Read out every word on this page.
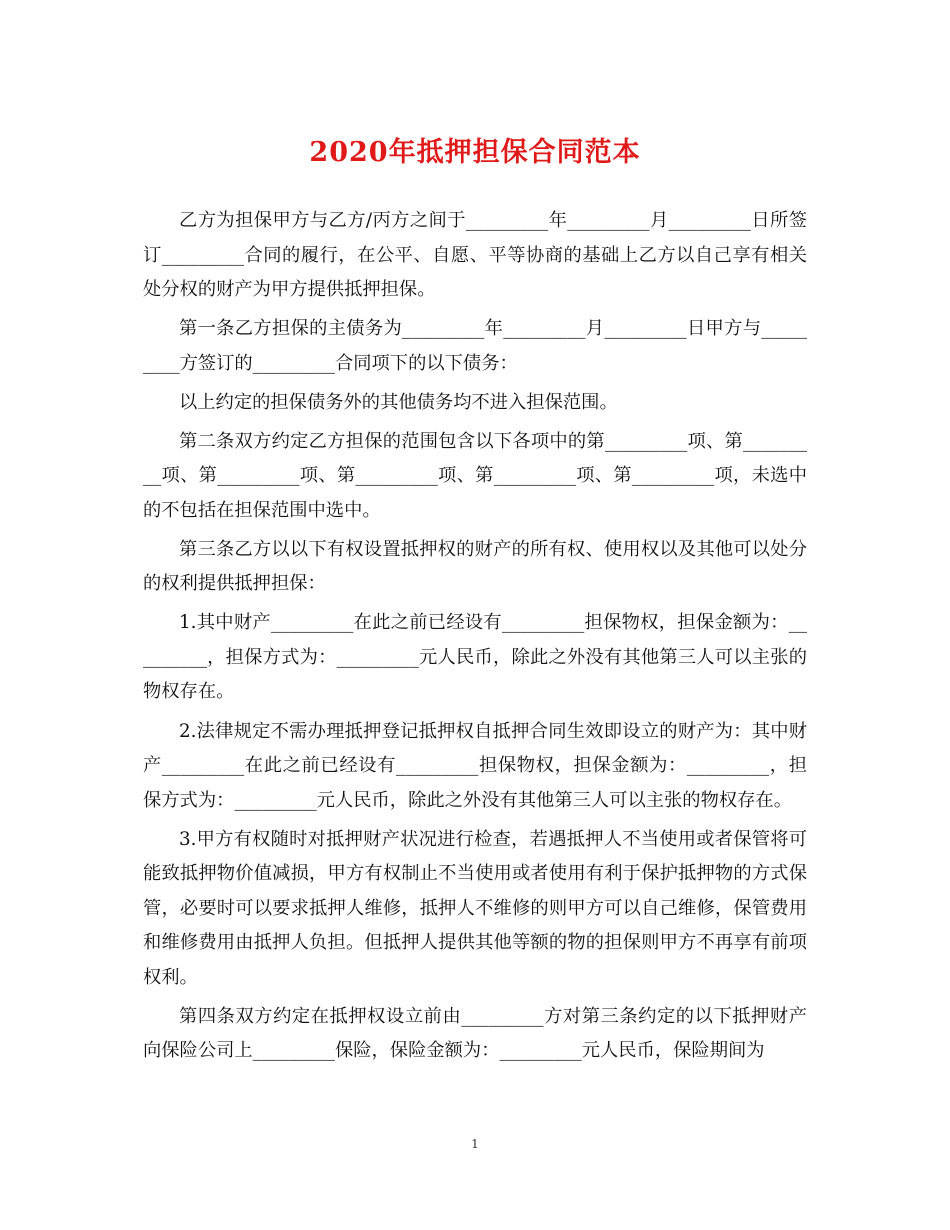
2020年抵押担保合同范本

乙方为担保甲方与乙方/丙方之间于_________年_________月_________日所签订_________合同的履行，在公平、自愿、平等协商的基础上乙方以自己享有相关处分权的财产为甲方提供抵押担保。

第一条乙方担保的主债务为_________年_________月_________日甲方与_________方签订的_________合同项下的以下债务：

以上约定的担保债务外的其他债务均不进入担保范围。

第二条双方约定乙方担保的范围包含以下各项中的第_________项、第_________项、第_________项、第_________项、第_________项、第_________项，未选中的不包括在担保范围中选中。

第三条乙方以以下有权设置抵押权的财产的所有权、使用权以及其他可以处分的权利提供抵押担保：

1.其中财产_________在此之前已经设有_________担保物权，担保金额为：_________，担保方式为：_________元人民币，除此之外没有其他第三人可以主张的物权存在。

2.法律规定不需办理抵押登记抵押权自抵押合同生效即设立的财产为：其中财产_________在此之前已经设有_________担保物权，担保金额为：_________，担保方式为：_________元人民币，除此之外没有其他第三人可以主张的物权存在。

3.甲方有权随时对抵押财产状况进行检查，若遇抵押人不当使用或者保管将可能致抵押物价值减损，甲方有权制止不当使用或者使用有利于保护抵押物的方式保管，必要时可以要求抵押人维修，抵押人不维修的则甲方可以自己维修，保管费用和维修费用由抵押人负担。但抵押人提供其他等额的物的担保则甲方不再享有前项权利。

第四条双方约定在抵押权设立前由_________方对第三条约定的以下抵押财产向保险公司上_________保险，保险金额为：_________元人民币，保险期间为

1
